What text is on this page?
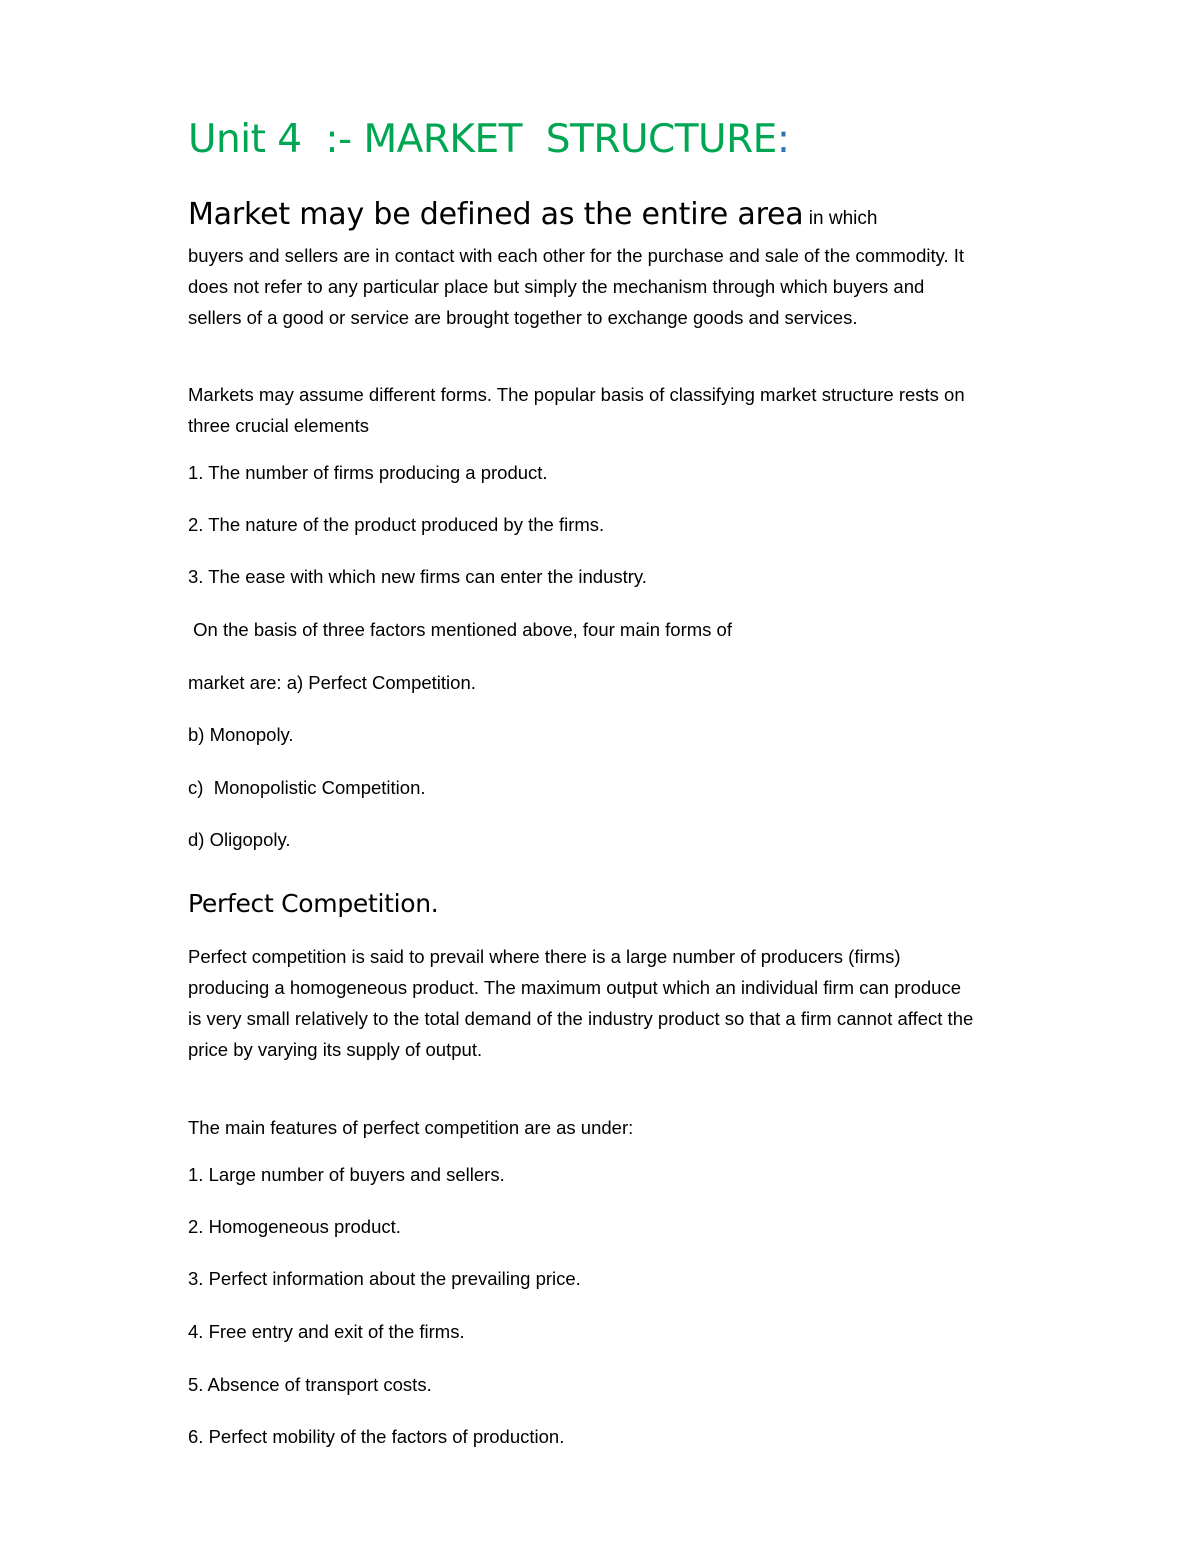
Unit 4  :- MARKET  STRUCTURE:

Market may be defined as the entire area in which
buyers and sellers are in contact with each other for the purchase and sale of the commodity. It does not refer to any particular place but simply the mechanism through which buyers and sellers of a good or service are brought together to exchange goods and services.

Markets may assume different forms. The popular basis of classifying market structure rests on three crucial elements

1. The number of firms producing a product.

2. The nature of the product produced by the firms.

3. The ease with which new firms can enter the industry.

On the basis of three factors mentioned above, four main forms of

market are: a) Perfect Competition.

b) Monopoly.

c)  Monopolistic Competition.

d) Oligopoly.

Perfect Competition.

Perfect competition is said to prevail where there is a large number of producers (firms) producing a homogeneous product. The maximum output which an individual firm can produce is very small relatively to the total demand of the industry product so that a firm cannot affect the price by varying its supply of output.

The main features of perfect competition are as under:

1. Large number of buyers and sellers.

2. Homogeneous product.

3. Perfect information about the prevailing price.

4. Free entry and exit of the firms.

5. Absence of transport costs.

6. Perfect mobility of the factors of production.
